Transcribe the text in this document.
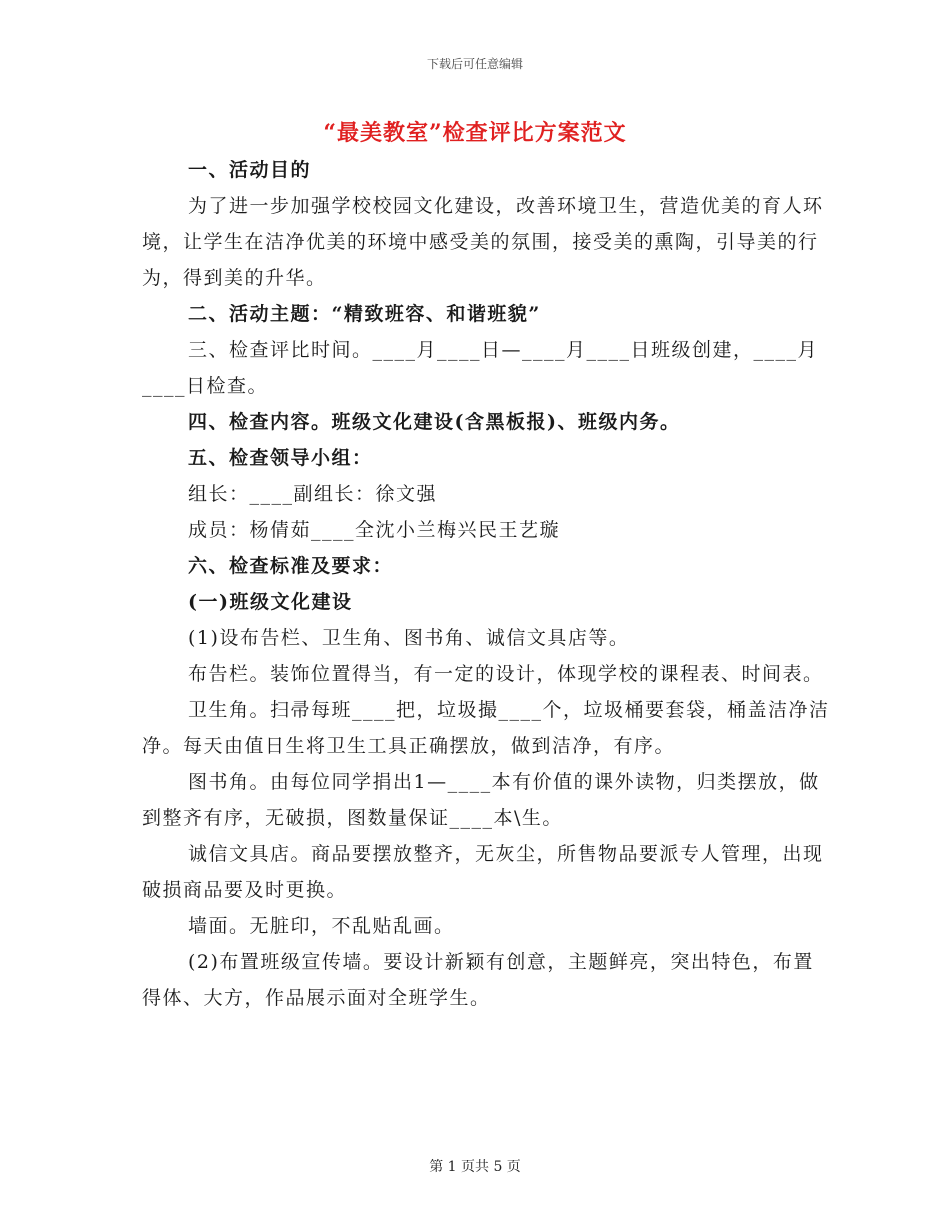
下载后可任意编辑
“最美教室”检查评比方案范文

一、活动目的

为了进一步加强学校校园文化建设，改善环境卫生，营造优美的育人环境，让学生在洁净优美的环境中感受美的氛围，接受美的熏陶，引导美的行为，得到美的升华。

二、活动主题：“精致班容、和谐班貌”

三、检查评比时间。____月____日—____月____日班级创建，____月____日检查。

四、检查内容。班级文化建设(含黑板报)、班级内务。

五、检查领导小组：

组长：____副组长：徐文强

成员：杨倩茹____全沈小兰梅兴民王艺璇

六、检查标准及要求：

(一)班级文化建设

(1)设布告栏、卫生角、图书角、诚信文具店等。

布告栏。装饰位置得当，有一定的设计，体现学校的课程表、时间表。

卫生角。扫帚每班____把，垃圾撮____个，垃圾桶要套袋，桶盖洁净洁净。每天由值日生将卫生工具正确摆放，做到洁净，有序。

图书角。由每位同学捐出1—____本有价值的课外读物，归类摆放，做到整齐有序，无破损，图数量保证____本\生。

诚信文具店。商品要摆放整齐，无灰尘，所售物品要派专人管理，出现破损商品要及时更换。

墙面。无脏印，不乱贴乱画。

(2)布置班级宣传墙。要设计新颖有创意，主题鲜亮，突出特色，布置得体、大方，作品展示面对全班学生。

第 1 页共 5 页
